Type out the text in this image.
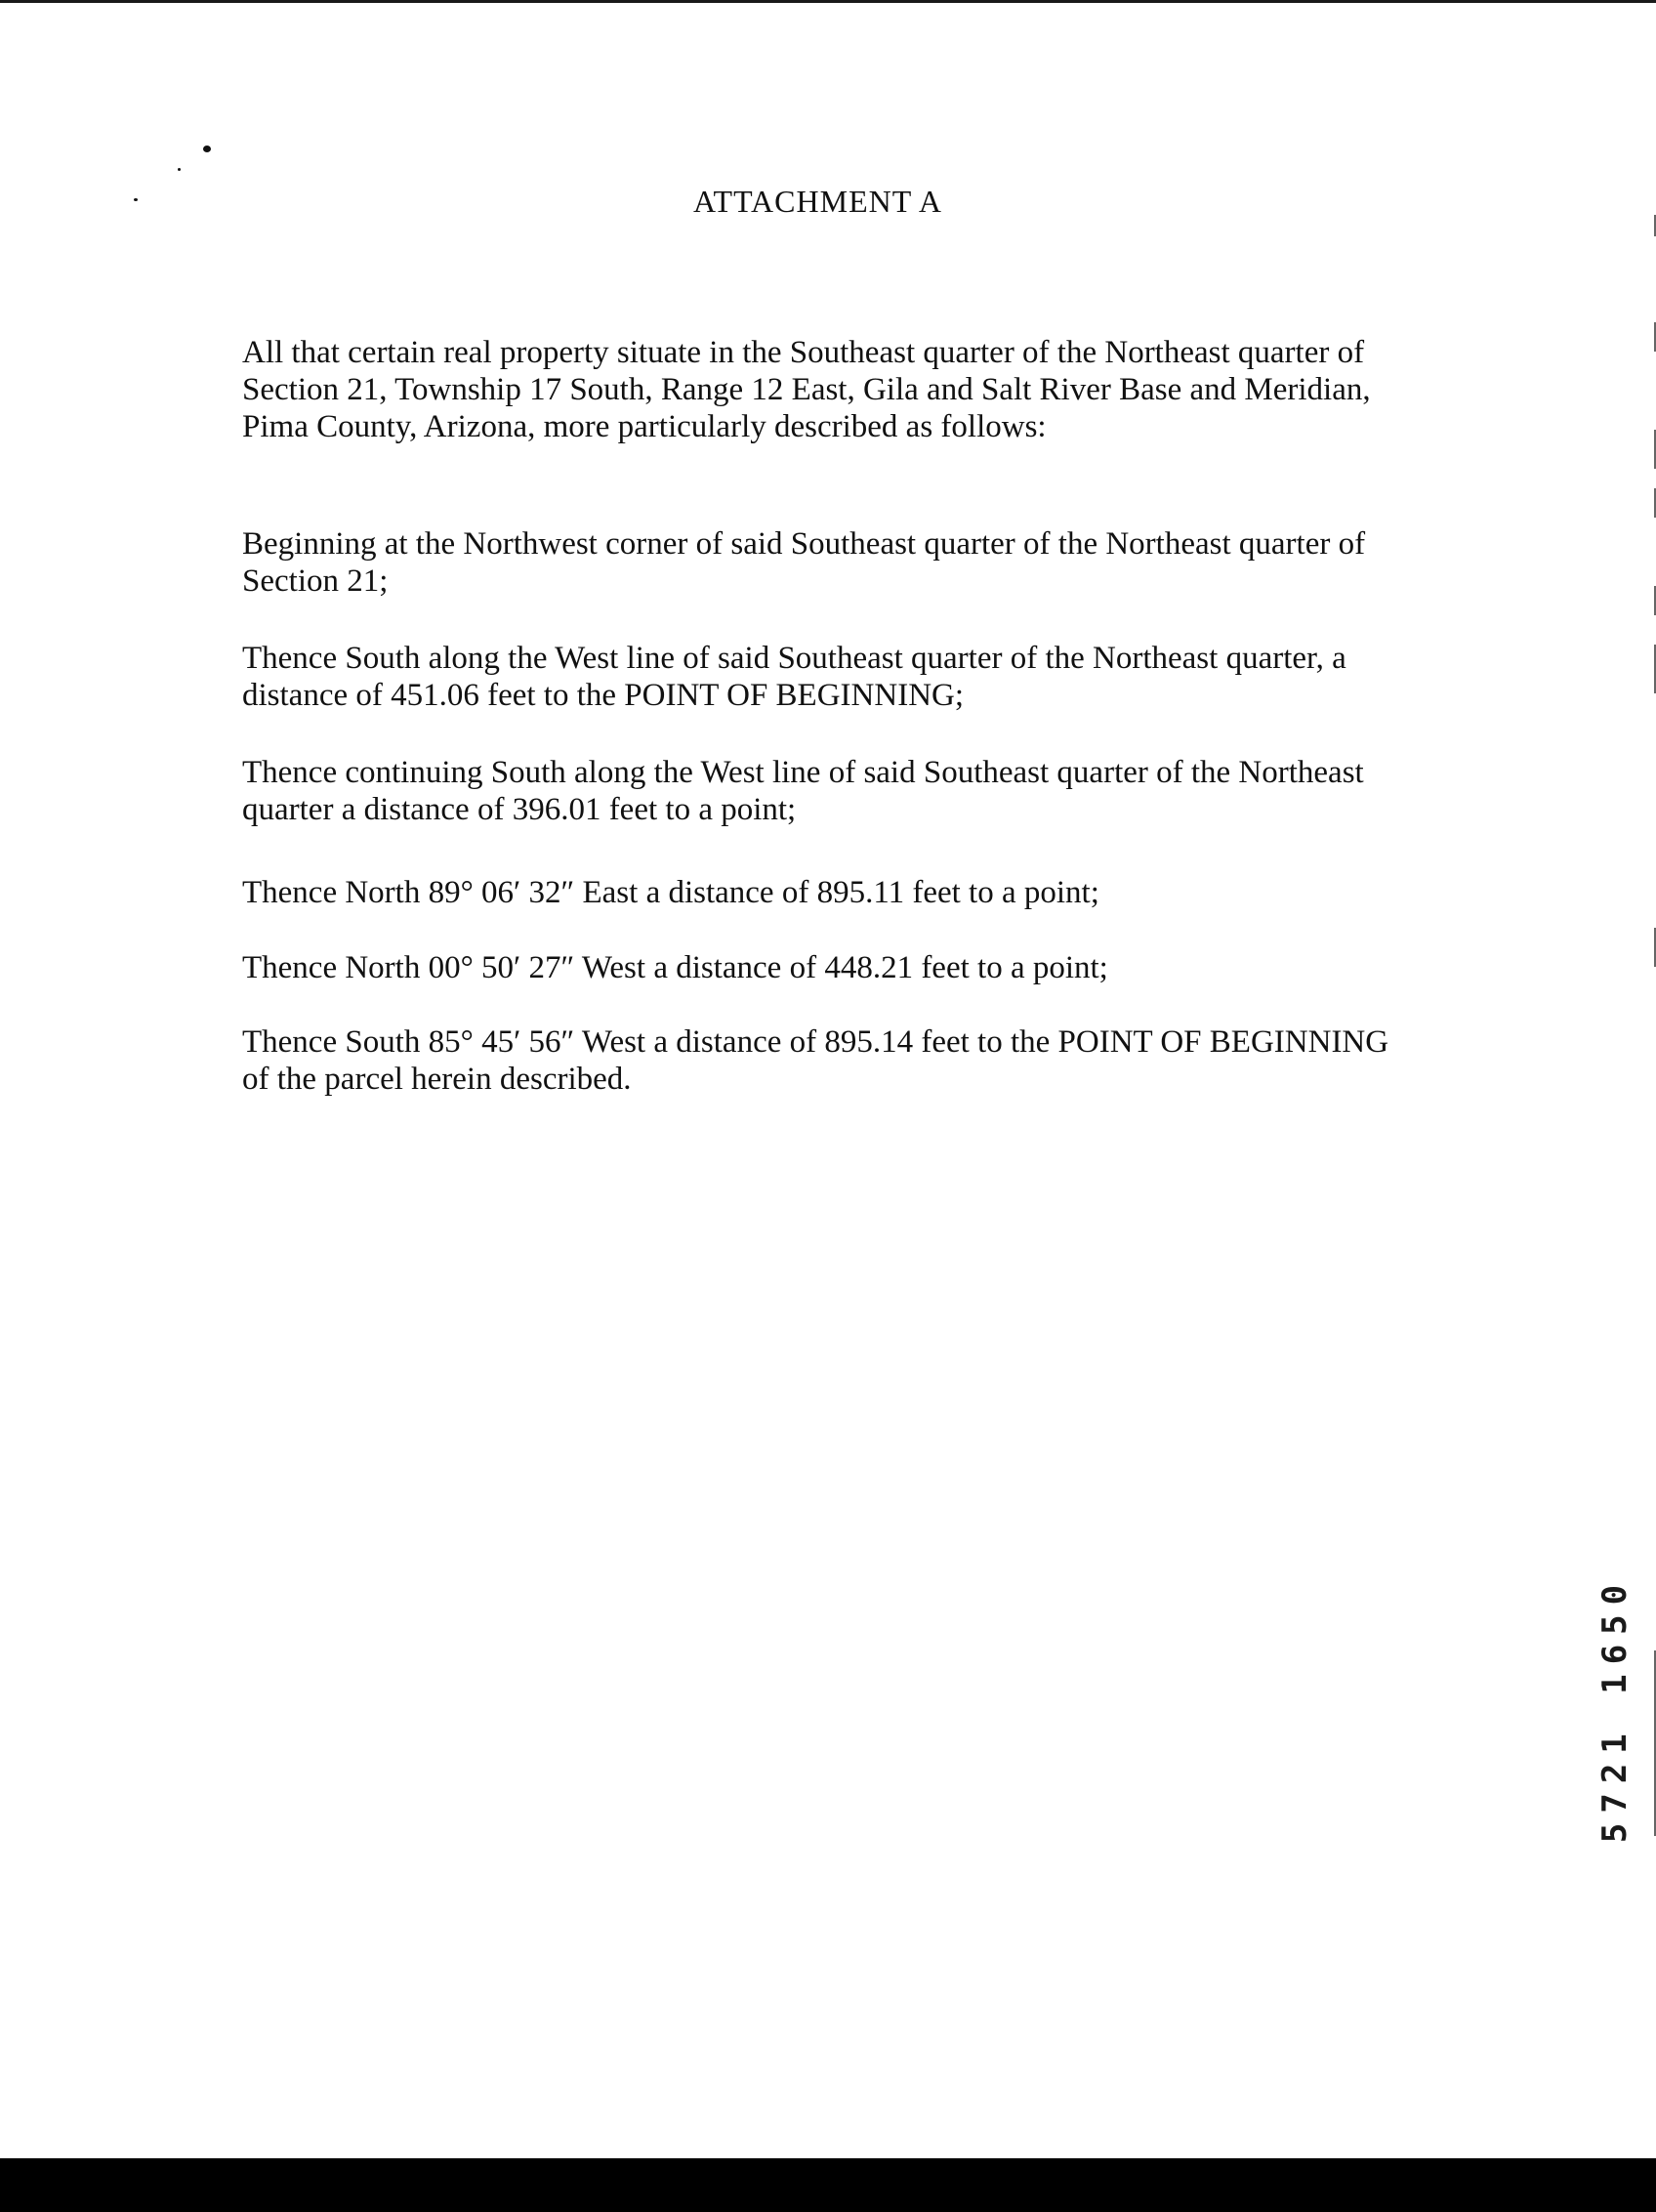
ATTACHMENT A

All that certain real property situate in the Southeast quarter of the Northeast quarter of Section 21, Township 17 South, Range 12 East, Gila and Salt River Base and Meridian, Pima County, Arizona, more particularly described as follows:

Beginning at the Northwest corner of said Southeast quarter of the Northeast quarter of Section 21;

Thence South along the West line of said Southeast quarter of the Northeast quarter, a distance of 451.06 feet to the POINT OF BEGINNING;

Thence continuing South along the West line of said Southeast quarter of the Northeast quarter a distance of 396.01 feet to a point;

Thence North 89° 06′ 32″ East a distance of 895.11 feet to a point;

Thence North 00° 50′ 27″ West a distance of 448.21 feet to a point;

Thence South 85° 45′ 56″ West a distance of 895.14 feet to the POINT OF BEGINNING of the parcel herein described.

5721 1650
